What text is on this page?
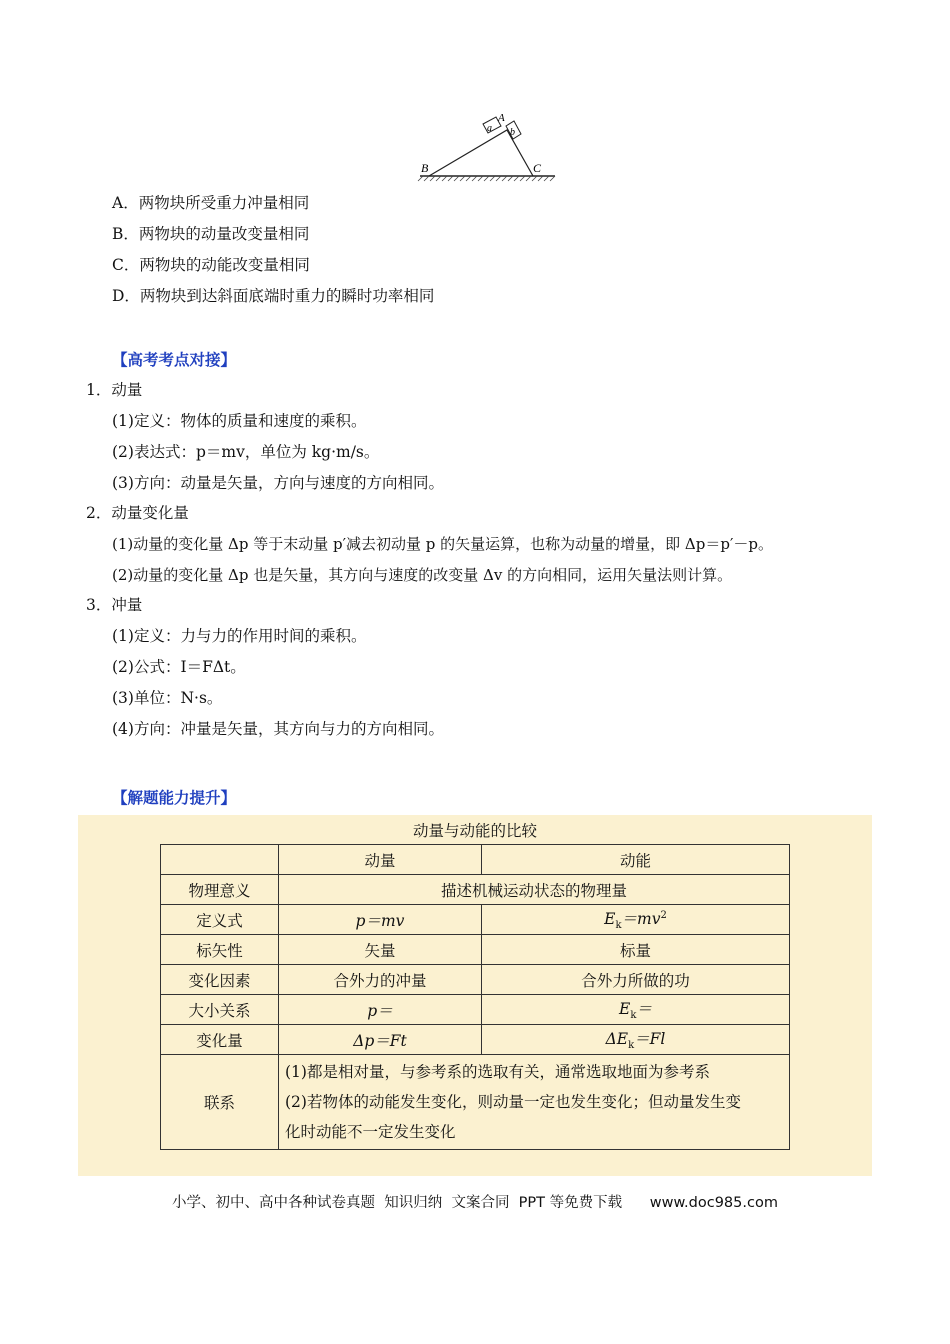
a
A
b
B	C
A．两物块所受重力冲量相同
B．两物块的动量改变量相同
C．两物块的动能改变量相同
D．两物块到达斜面底端时重力的瞬时功率相同
【高考考点对接】
1．动量
(1)定义：物体的质量和速度的乘积。
(2)表达式：p＝mv，单位为 kg·m/s。
(3)方向：动量是矢量，方向与速度的方向相同。
2．动量变化量
(1)动量的变化量 Δp 等于末动量 p′减去初动量 p 的矢量运算，也称为动量的增量，即 Δp＝p′－p。
(2)动量的变化量 Δp 也是矢量，其方向与速度的改变量 Δv 的方向相同，运用矢量法则计算。
3．冲量
(1)定义：力与力的作用时间的乘积。
(2)公式：I＝FΔt。
(3)单位：N·s。
(4)方向：冲量是矢量，其方向与力的方向相同。
【解题能力提升】
动量与动能的比较
	动量	动能
物理意义	描述机械运动状态的物理量	
定义式	p＝mv	$E_k=mv^2$
标矢性	矢量	标量
变化因素	合外力的冲量	合外力所做的功
大小关系	p＝	$E_k=$
变化量	Δp＝Ft	$\Delta E_k=Fl$
联系	(1)都是相对量，与参考系的选取有关，通常选取地面为参考系
(2)若物体的动能发生变化，则动量一定也发生变化；但动量发生变
化时动能不一定发生变化	
小学、初中、高中各种试卷真题  知识归纳  文案合同  PPT 等免费下载      www.doc985.com
